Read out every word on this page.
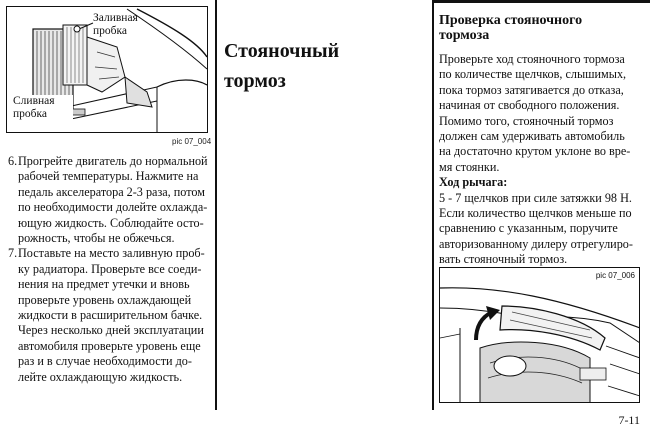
Заливная
пробка
Сливная
пробка
pic 07_004
6. Прогрейте двигатель до нормальной
рабочей температуры. Нажмите на
педаль акселератора 2-3 раза, потом
по необходимости долейте охлажда-
ющую жидкость. Соблюдайте осто-
рожность, чтобы не обжечься.
7. Поставьте на место заливную проб-
ку радиатора. Проверьте все соеди-
нения на предмет утечки и вновь
проверьте уровень охлаждающей
жидкости в расширительном бачке.
Через несколько дней эксплуатации
автомобиля проверьте уровень еще
раз и в случае необходимости до-
лейте охлаждающую жидкость.
Стояночный
тормоз
Проверка стояночного
тормоза
Проверьте ход стояночного тормоза
по количестве щелчков, слышимых,
пока тормоз затягивается до отказа,
начиная от свободного положения.
Помимо того, стояночный тормоз
должен сам удерживать автомобиль
на достаточно крутом уклоне во вре-
мя стоянки.
Ход рычага:
5 - 7 щелчков при силе затяжки 98 Н.
Если количество щелчков меньше по
сравнению с указанным, поручите
авторизованному дилеру отрегулиро-
вать стояночный тормоз.
pic 07_006
7-11
